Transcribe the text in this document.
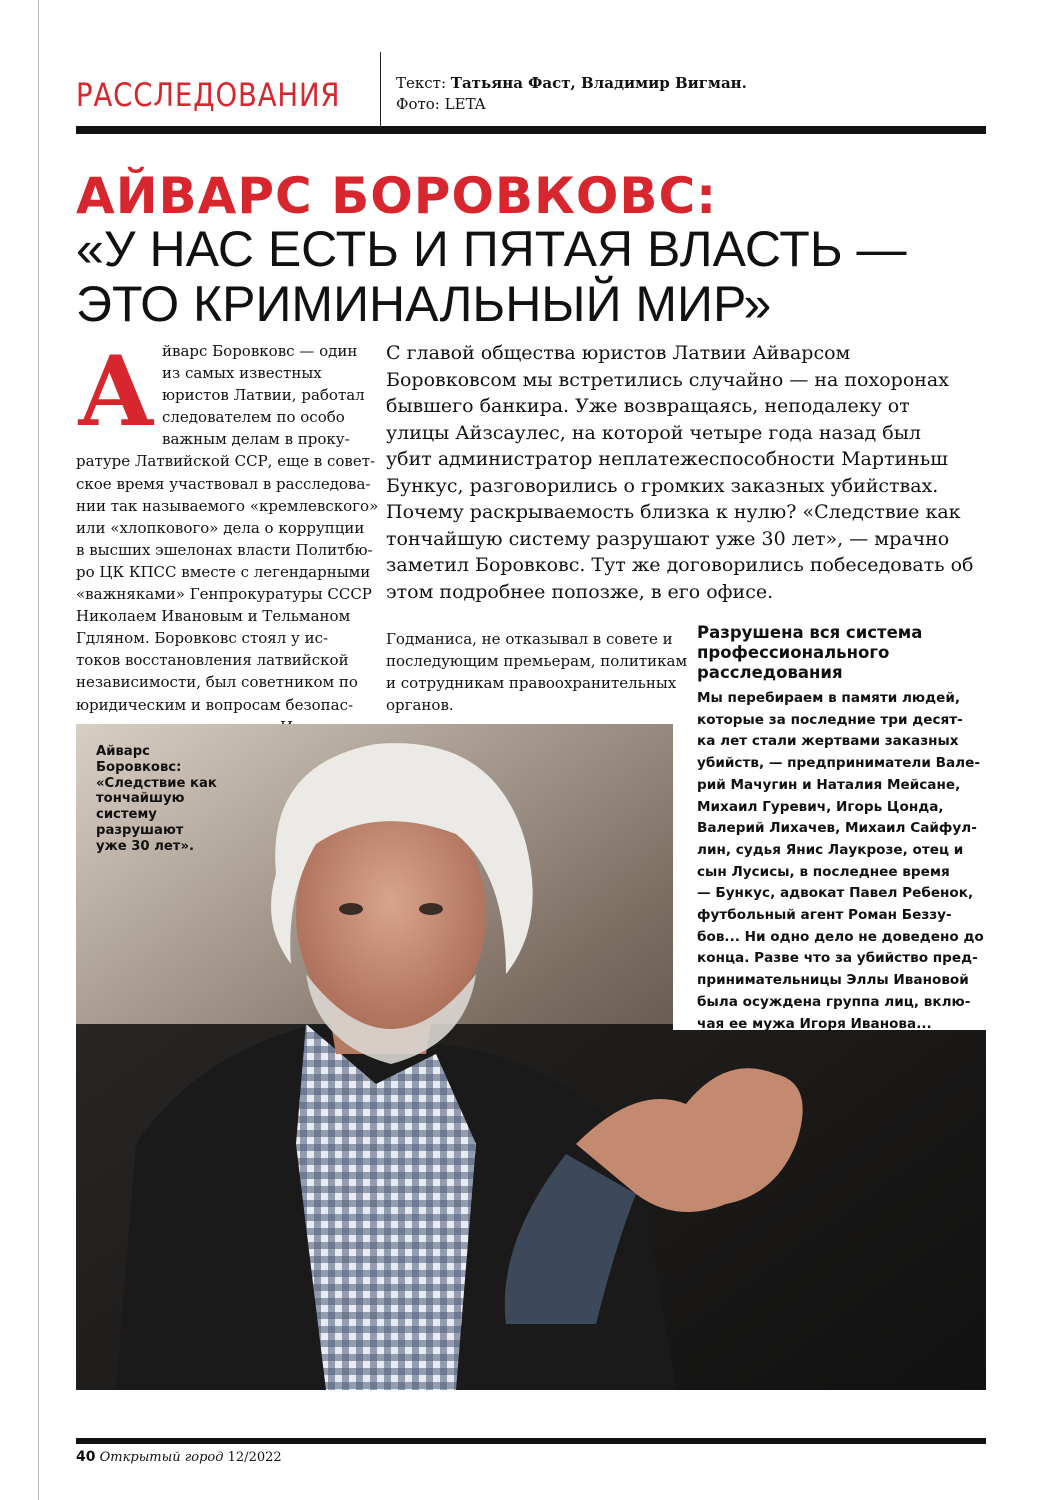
РАССЛЕДОВАНИЯ	Текст: Татьяна Фаст, Владимир Вигман.
Фото: LETA
АЙВАРС БОРОВКОВС:
«У НАС ЕСТЬ И ПЯТАЯ ВЛАСТЬ —
ЭТО КРИМИНАЛЬНЫЙ МИР»
А йварс Боровковс — один
из самых известных
юристов Латвии, работал
следователем по особо
важным делам в проку-
ратуре Латвийской ССР, еще в совет-
ское время участвовал в расследова-
нии так называемого «кремлевского»
или «хлопкового» дела о коррупции
в высших эшелонах власти Политбю-
ро ЦК КПСС вместе с легендарными
«важняками» Генпрокуратуры СССР
Николаем Ивановым и Тельманом
Гдляном. Боровковс стоял у ис-
токов восстановления латвийской
независимости, был советником по
юридическим и вопросам безопас-
С главой общества юристов Латвии Айварсом
Боровковсом мы встретились случайно — на похоронах
бывшего банкира. Уже возвращаясь, неподалеку от
улицы Айзсаулес, на которой четыре года назад был
убит администратор неплатежеспособности Мартиньш
Бункус, разговорились о громких заказных убийствах.
Почему раскрываемость близка к нулю? «Следствие как
тончайшую систему разрушают уже 30 лет», — мрачно
заметил Боровковс. Тут же договорились побеседовать об
этом подробнее попозже, в его офисе.
Годманиса, не отказывал в совете и
последующим премьерам, политикам
и сотрудникам правоохранительных
органов.
Разрушена вся система
профессионального
расследования
Мы перебираем в памяти людей,
которые за последние три десят-
ка лет стали жертвами заказных
убийств, — предприниматели Вале-
рий Мачугин и Наталия Мейсане,
Михаил Гуревич, Игорь Цонда,
Валерий Лихачев, Михаил Сайфул-
лин, судья Янис Лаукрозе, отец и
сын Лусисы, в последнее время
— Бункус, адвокат Павел Ребенок,
футбольный агент Роман Беззу-
бов... Ни одно дело не доведено до
конца. Разве что за убийство пред-
принимательницы Эллы Ивановой
была осуждена группа лиц, вклю-
чая ее мужа Игоря Иванова...
Айварс
Боровковс:
«Следствие как
тончайшую
систему
разрушают
уже 30 лет».
40 Открытый город 12/2022
